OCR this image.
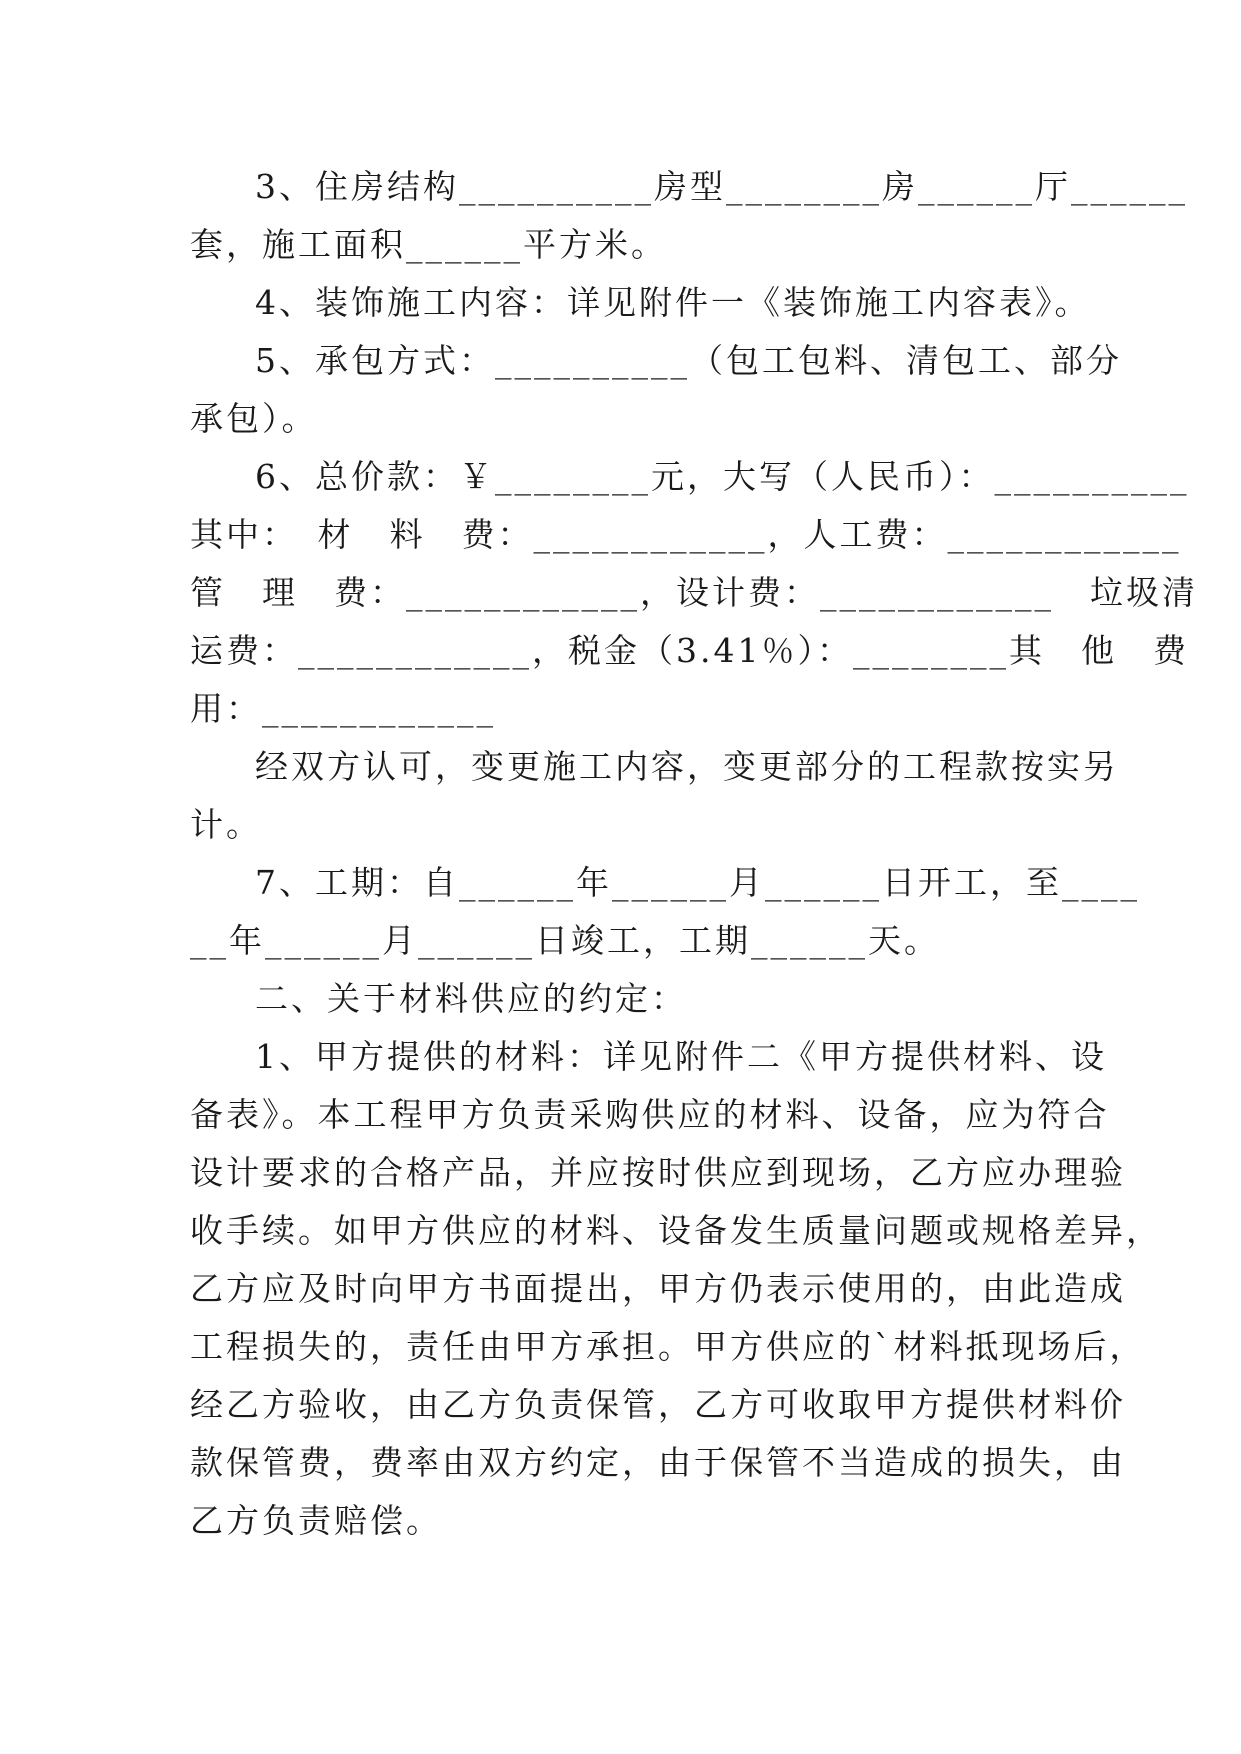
3、住房结构__________房型________房______厅______
套，施工面积______平方米。
4、装饰施工内容：详见附件一《装饰施工内容表》。
5、承包方式：__________（包工包料、清包工、部分
承包）。
6、总价款：￥________元，大写（人民币）：__________
其中：　材　料　费：____________，人工费：____________
管　理　费：____________，设计费：____________　垃圾清
运费：____________，税金（3.41％）：________其　他　费
用：____________
经双方认可，变更施工内容，变更部分的工程款按实另
计。
7、工期：自______年______月______日开工，至____
__年______月______日竣工，工期______天。
二、关于材料供应的约定：
1、甲方提供的材料：详见附件二《甲方提供材料、设
备表》。本工程甲方负责采购供应的材料、设备，应为符合
设计要求的合格产品，并应按时供应到现场，乙方应办理验
收手续。如甲方供应的材料、设备发生质量问题或规格差异，
乙方应及时向甲方书面提出，甲方仍表示使用的，由此造成
工程损失的，责任由甲方承担。甲方供应的`材料抵现场后，
经乙方验收，由乙方负责保管，乙方可收取甲方提供材料价
款保管费，费率由双方约定，由于保管不当造成的损失，由
乙方负责赔偿。
